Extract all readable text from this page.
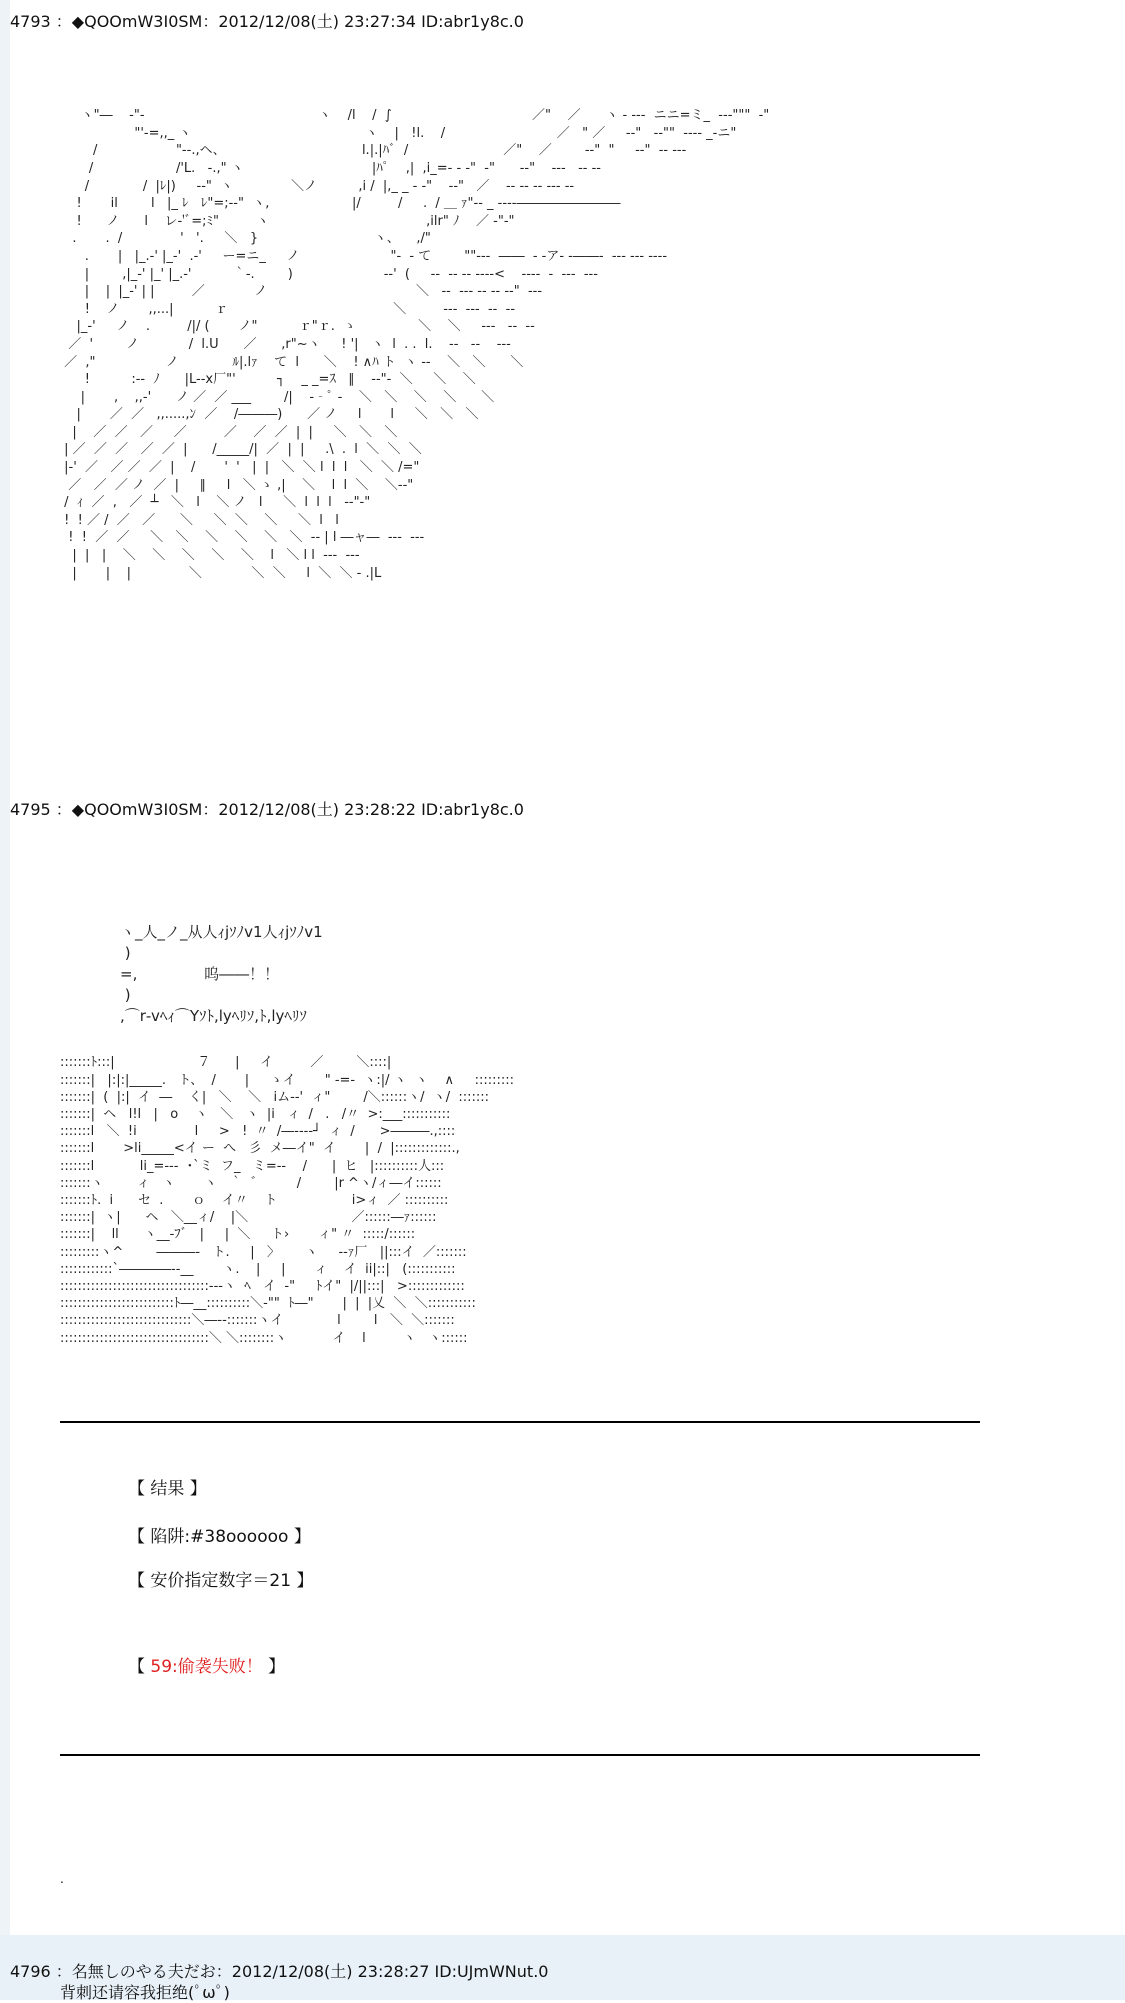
4793 ：◆QOOmW3I0SM：2012/12/08(土) 23:27:34 ID:abr1y8c.0

ヽ"―    ‐"‐                                          ヽ    /l    /  ∫                                  ／"    ／      ヽ ‐ ‐--  ニニ=ミ_  ‐‐‐"""  ‐"
"'‐=,,_ ヽ                                          ヽ    |   !l.    /                           ／   " ／     ‐‐"   ‐‐""  ‐-‐‐ _‐ニ"
/                   "‐-.,ヘ、                                 l.|.|ﾊﾞ  /                       ／"    ／        ‐‐"  "     ‐‐"  ‐‐ ‐--
/                    /'L.   ‐.," ヽ                               |ﾊﾟ    ,|  ,i_=‐ ‐ ‐"  ‐"      ‐‐"    ‐‐‐   ‐‐ ‐‐
/             /  |ﾚ|)     ‐‐"  ヽ              ＼ノ          ,i /  |,_ _ ‐ ‐"    ‐‐"   ／    ‐‐ ‐‐ ‐‐ ‐‐‐ ‐‐
!       il        l   |_ ﾚ   ﾚ"=;‐‐"  ヽ,                    |/         /     .  / ＿ ｧ"‐‐ _ ‐‐‐‐――――――――
!      ノ      l    レ‐'ﾞ=;ﾐ"         ヽ                                      ,ilr" ﾉ    ／ ‐"‐"
.       .  /              '   '.     ＼   }                            ヽ、    ,/"
.       |   |_.‐' |_‐'  .‐'     ー=ニ_     ノ                      "‐  ‐ て        ""‐--  ――  ‐ ‐ア‐ ‐――‐  ‐‐‐ ‐‐‐ ‐‐‐‐
|        ,|_‐' |_' |_.‐'          ｀‐.        )                      ‐‐'  (     ‐‐  ‐‐ ‐‐ -‐‐‐<    ‐‐‐‐  ‐  ‐‐‐  ‐‐‐
|    |  |_‐' | |         ／            ノ                                    ＼   ‐‐  ‐‐‐ ‐‐ ‐‐ ‐‐"  ‐‐‐
!    ノ       ,,...|          ｒ                                        ＼         ‐‐‐  ‐‐‐  ‐‐  ‐‐
|_‐'     ノ    .         /|/ (       ノ"          ｒ"ｒ.  ゝ               ＼    ＼     ‐‐‐   ‐‐  ‐‐
／  '        ノ            /  l.U      ／      ,r"~ヽ     ! '|   ヽ  l  . .  l.    ‐‐   ‐‐    ‐‐‐
／  ,"                 ノ             ﾙ|.lｧ    て  l      ＼    ! ∧ﾊ ト  ヽ ‐‐    ＼   ＼      ＼
!          :‐‐  ﾉ      |L-‐x厂"'          ┐    _ _=ｽ   ∥    ‐‐"‐  ＼     ＼    ＼
|       ,    ,,‐'      ノ ／  ／ ___        /|    ‐‐ﾟ ‐    ＼   ＼    ＼    ＼      ＼
|       ／  ／   ,,.....,ﾝ  ／    /―――)      ／ ノ     l       l     ＼   ＼   ＼
|    ／  ／   ／     ／         ／    ／  ／  |  |     ＼   ＼   ＼
| ／  ／  ／   ／  ／  |      /_____/|  ／  |  |     .\  .  l  ＼  ＼  ＼
|‐'  ／   ／ ／  ／  |    /       '  '   |  |   ＼  ＼ l  l  l   ＼  ＼ /="
／   ／  ／ ノ  ／  |     ∥     l   ＼ ゝ ,|    ＼    l  l  ＼    ＼‐‐"
/  ｨ  ／  ,   ／  ┴   ＼   l    ＼ ノ   l     ＼  l  l  l   ‐‐"‐"
!  ! ／ /  ／   ／      ＼     ＼  ＼    ＼     ＼  l   l
!  !  ／  ／     ＼   ＼    ＼    ＼    ＼   ＼  ‐‐ | l ―ャ―  ‐‐‐  ‐‐‐
|  |   |    ＼    ＼    ＼    ＼    ＼    l   ＼ l l  ‐‐‐  ‐‐‐
|       |    |              ＼            ＼  ＼     l  ＼  ＼ ‐ .|L

4795 ：◆QOOmW3I0SM：2012/12/08(土) 23:28:22 ID:abr1y8c.0

ヽ_人_ノ_从人ｨjｿﾉv1人ｨjｿﾉv1
)
=,              呜――！！
)
,⌒r‐vﾍｨ⌒Yｿﾄ,lyﾍﾘｿ,ﾄ,lyﾍﾘｿ

:::::::ﾄ:::|                    ７      |     イ         ／        ＼::::|
:::::::|   |:|:|_____.   ト、  /       |     ゝイ       " -=-  ヽ:|/ ヽ  ヽ    ∧     :::::::::
:::::::|  (  |:|  イ  ―    く|   ＼    ＼   iム-‐'  ィ"        /＼::::::ヽ/  ヽ/  :::::::
:::::::|  ヘ   l!l   |   o    ヽ   ＼   ヽ  |i   ィ  /   .   /〃  >:___:::::::::::
:::::::l   ＼  !i              l     >   !  〃  /―‐‐‐‐┘  ィ  /      >―――.,::::
:::::::l       >li_____<イ ー  へ   彡  メ―イ"  イ       |  /  |:::::::::::::.,
:::::::l           li_=‐‐‐  ･`ミ  フ_   ミ=‐‐    /      |  ヒ   |::::::::::人:::
:::::::ヽ        ィ   ヽ       ヽ   ｀  ゛        /        |r ^ヽ/ィ―イ::::::
:::::::ﾄ.  i      セ  .       ｏ    イ〃    ト                  i>ィ  ／ ::::::::::
:::::::|  ヽ|      ヘ   ＼__ィ/    |＼                         ／::::::―ｧ::::::
:::::::|    ll      ヽ__‐ﾌﾞ   |     |  ＼     ト›       ィ" 〃  :::::/::::::
:::::::::ヽ^        ―――‐   ト.     |   〉      ヽ     ‐‐ｧ厂   ||:::イ  ／:::::::
::::::::::::`――――‐‐__       ヽ.    |     |       ィ    イ  ii|::|   (:::::::::::
::::::::::::::::::::::::::::::::::‐‐‐ヽ  ﾍ   イ  ‐"     ﾄイ"  |/||:::|   >:::::::::::::
::::::::::::::::::::::::::ﾄ―__::::::::::＼‐""  ﾄ―"       |  |  |乂  ＼  ＼:::::::::::
::::::::::::::::::::::::::::::＼―‐‐:::::::ヽイ             l        l   ＼  ＼:::::::
::::::::::::::::::::::::::::::::::＼ ＼::::::::ヽ           イ    l         ヽ   ヽ::::::

【 结果 】
【 陷阱:#38oooooo 】
【 安价指定数字＝21 】
【 59:偷袭失败！ 】
.
4796 ：名無しのやる夫だお：2012/12/08(土) 23:28:27 ID:UJmWNut.0
背刺还请容我拒绝(ﾟωﾟ)
